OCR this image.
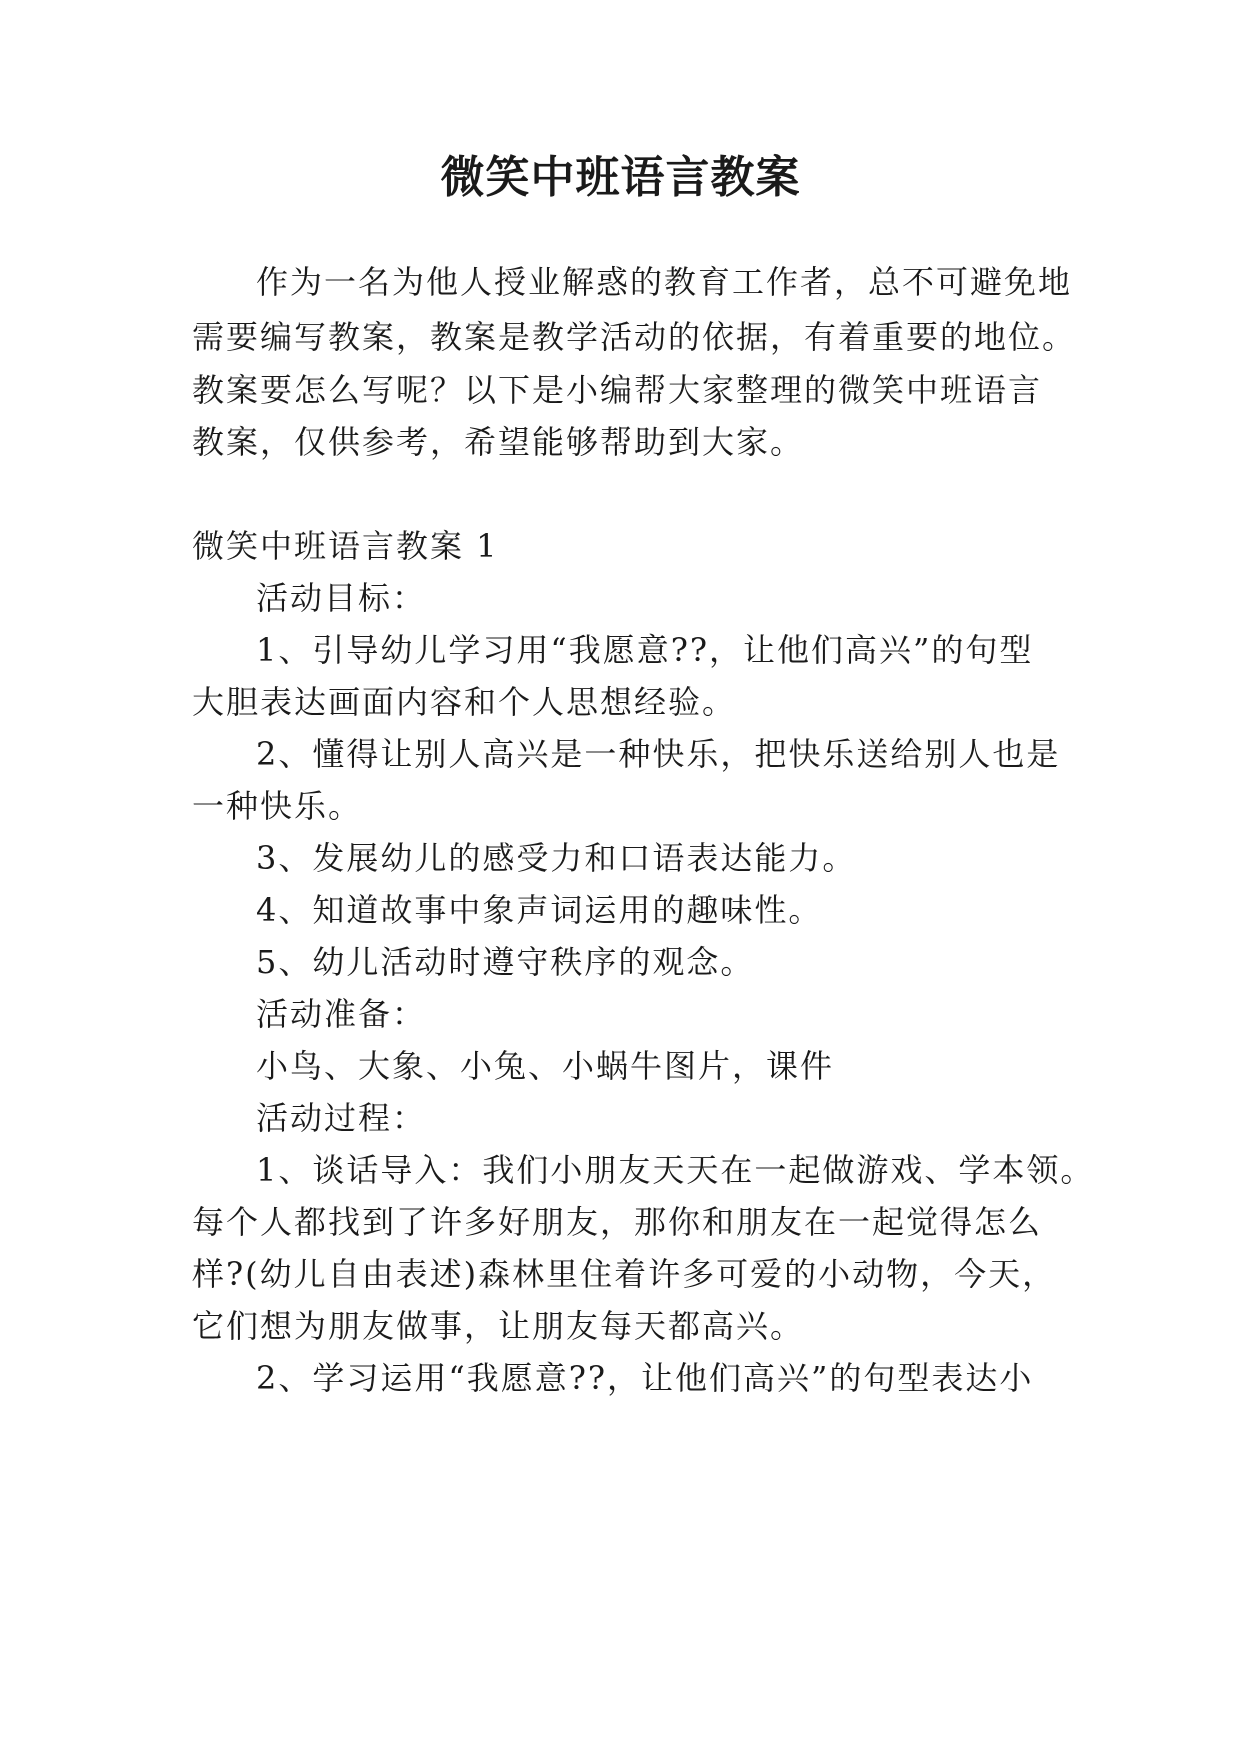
微笑中班语言教案

作为一名为他人授业解惑的教育工作者，总不可避免地

需要编写教案，教案是教学活动的依据，有着重要的地位。

教案要怎么写呢？以下是小编帮大家整理的微笑中班语言

教案，仅供参考，希望能够帮助到大家。

微笑中班语言教案 1

活动目标：

1、引导幼儿学习用“我愿意??，让他们高兴”的句型

大胆表达画面内容和个人思想经验。

2、懂得让别人高兴是一种快乐，把快乐送给别人也是

一种快乐。

3、发展幼儿的感受力和口语表达能力。

4、知道故事中象声词运用的趣味性。

5、幼儿活动时遵守秩序的观念。

活动准备：

小鸟、大象、小兔、小蜗牛图片，课件

活动过程：

1、谈话导入：我们小朋友天天在一起做游戏、学本领。

每个人都找到了许多好朋友，那你和朋友在一起觉得怎么

样?(幼儿自由表述)森林里住着许多可爱的小动物，今天，

它们想为朋友做事，让朋友每天都高兴。

2、学习运用“我愿意??，让他们高兴”的句型表达小
